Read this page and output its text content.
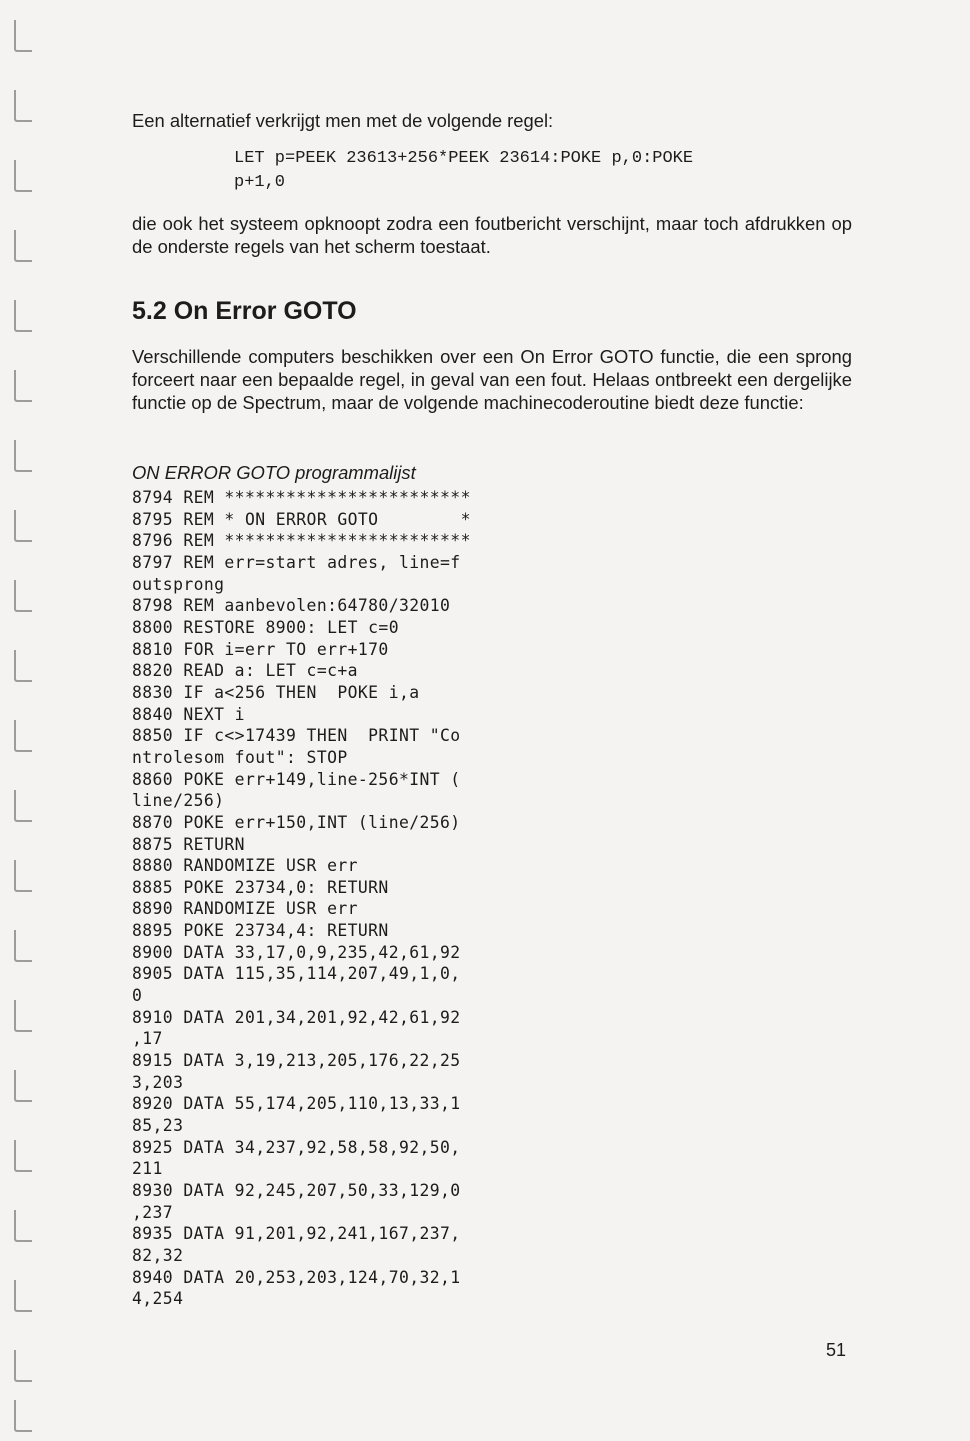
Een alternatief verkrijgt men met de volgende regel:

LET p=PEEK 23613+256*PEEK 23614:POKE p,0:POKE
p+1,0

die ook het systeem opknoopt zodra een foutbericht verschijnt, maar toch afdrukken op de onderste regels van het scherm toestaat.

5.2 On Error GOTO

Verschillende computers beschikken over een On Error GOTO functie, die een sprong forceert naar een bepaalde regel, in geval van een fout. Helaas ontbreekt een dergelijke functie op de Spectrum, maar de volgende machinecoderoutine biedt deze functie:

ON ERROR GOTO programmalijst

8794 REM ************************
8795 REM * ON ERROR GOTO        *
8796 REM ************************
8797 REM err=start adres, line=f
outsprong
8798 REM aanbevolen:64780/32010
8800 RESTORE 8900: LET c=0
8810 FOR i=err TO err+170
8820 READ a: LET c=c+a
8830 IF a<256 THEN  POKE i,a
8840 NEXT i
8850 IF c<>17439 THEN  PRINT "Co
ntrolesom fout": STOP
8860 POKE err+149,line-256*INT (
line/256)
8870 POKE err+150,INT (line/256)
8875 RETURN
8880 RANDOMIZE USR err
8885 POKE 23734,0: RETURN
8890 RANDOMIZE USR err
8895 POKE 23734,4: RETURN
8900 DATA 33,17,0,9,235,42,61,92
8905 DATA 115,35,114,207,49,1,0,
0
8910 DATA 201,34,201,92,42,61,92
,17
8915 DATA 3,19,213,205,176,22,25
3,203
8920 DATA 55,174,205,110,13,33,1
85,23
8925 DATA 34,237,92,58,58,92,50,
211
8930 DATA 92,245,207,50,33,129,0
,237
8935 DATA 91,201,92,241,167,237,
82,32
8940 DATA 20,253,203,124,70,32,1
4,254
51
